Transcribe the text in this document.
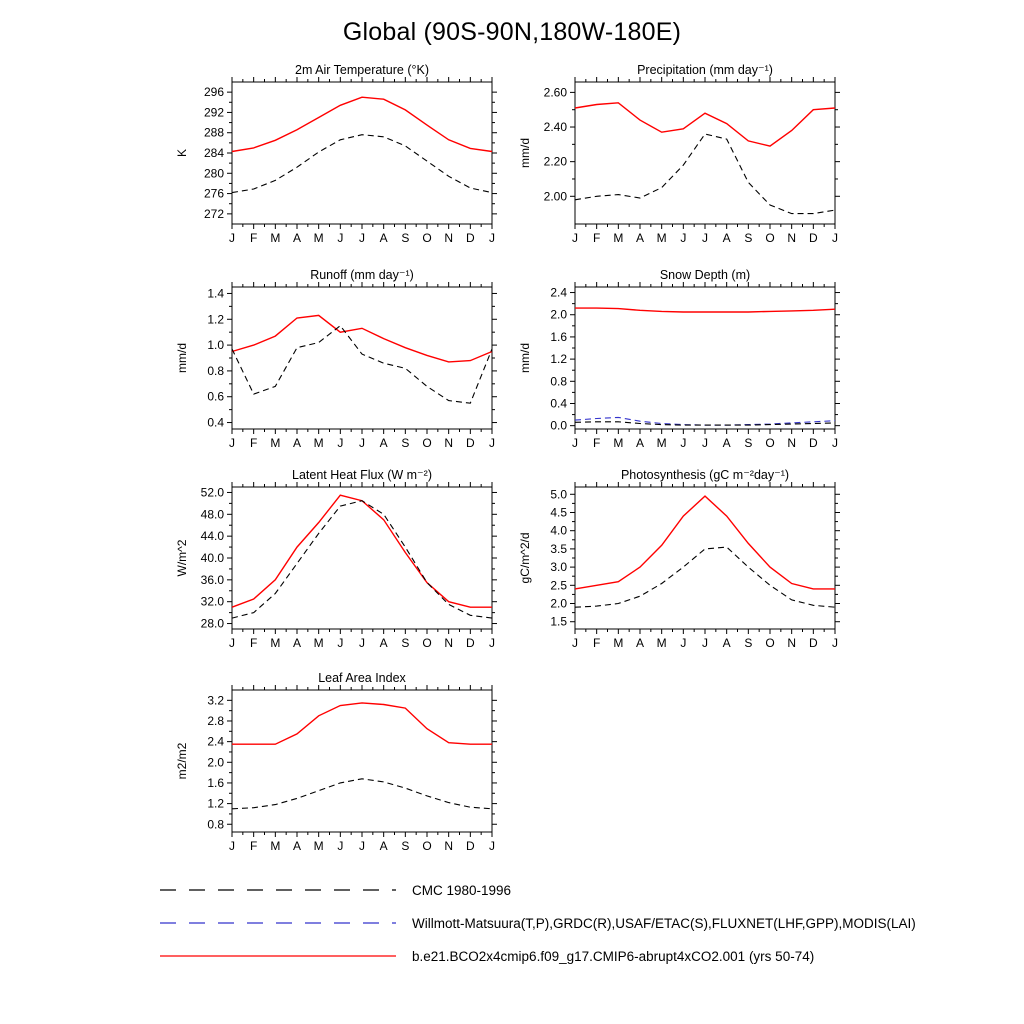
Global (90S-90N,180W-180E)
272
276
280
284
288
292
296
J F M A M J J A S O N D J
2m Air Temperature (°K)
K
2.00
2.20
2.40
2.60
J F M A M J J A S O N D J
Precipitation (mm day⁻¹)
mm/d
0.4
0.6
0.8
1.0
1.2
1.4
J F M A M J J A S O N D J
Runoff (mm day⁻¹)
mm/d
0.0
0.4
0.8
1.2
1.6
2.0
2.4
J F M A M J J A S O N D J
Snow Depth (m)
mm/d
28.0
32.0
36.0
40.0
44.0
48.0
52.0
J F M A M J J A S O N D J
Latent Heat Flux (W m⁻²)
W/m^2
1.5
2.0
2.5
3.0
3.5
4.0
4.5
5.0
J F M A M J J A S O N D J
Photosynthesis (gC m⁻²day⁻¹)
gC/m^2/d
0.8
1.2
1.6
2.0
2.4
2.8
3.2
J F M A M J J A S O N D J
Leaf Area Index
m2/m2
CMC 1980-1996
Willmott-Matsuura(T,P),GRDC(R),USAF/ETAC(S),FLUXNET(LHF,GPP),MODIS(LAI)
b.e21.BCO2x4cmip6.f09_g17.CMIP6-abrupt4xCO2.001 (yrs 50-74)
